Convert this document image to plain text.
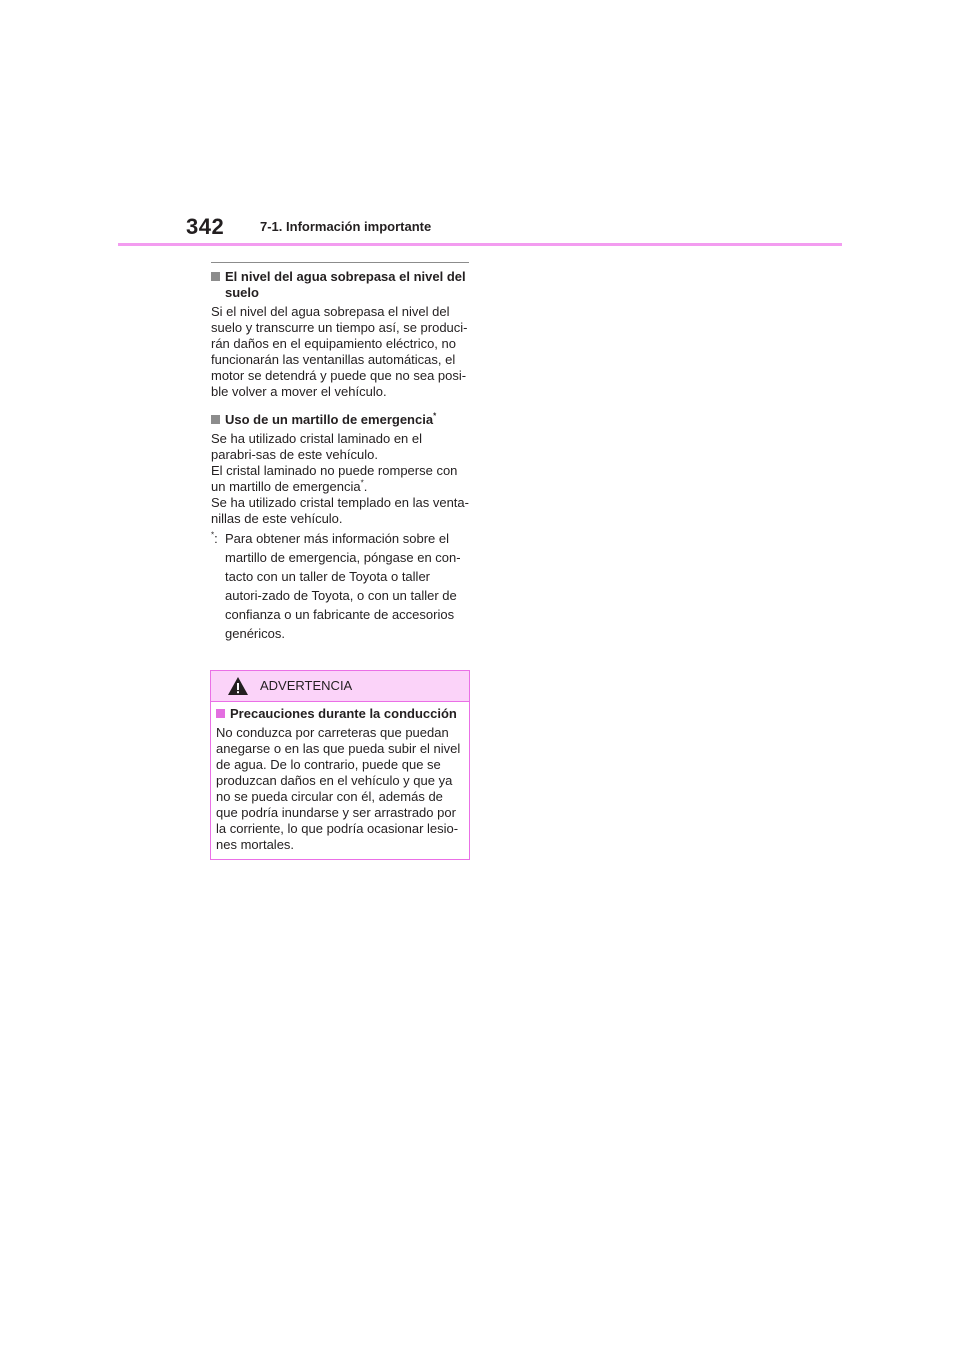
342	7-1. Información importante
El nivel del agua sobrepasa el nivel del suelo

Si el nivel del agua sobrepasa el nivel del suelo y transcurre un tiempo así, se produci-rán daños en el equipamiento eléctrico, no funcionarán las ventanillas automáticas, el motor se detendrá y puede que no sea posi-ble volver a mover el vehículo.

Uso de un martillo de emergencia*

Se ha utilizado cristal laminado en el parabri-sas de este vehículo.

El cristal laminado no puede romperse con un martillo de emergencia*.

Se ha utilizado cristal templado en las venta-nillas de este vehículo.

*: Para obtener más información sobre el martillo de emergencia, póngase en con-tacto con un taller de Toyota o taller autori-zado de Toyota, o con un taller de confianza o un fabricante de accesorios genéricos.
ADVERTENCIA
Precauciones durante la conducción

No conduzca por carreteras que puedan anegarse o en las que pueda subir el nivel de agua. De lo contrario, puede que se produzcan daños en el vehículo y que ya no se pueda circular con él, además de que podría inundarse y ser arrastrado por la corriente, lo que podría ocasionar lesio-nes mortales.
